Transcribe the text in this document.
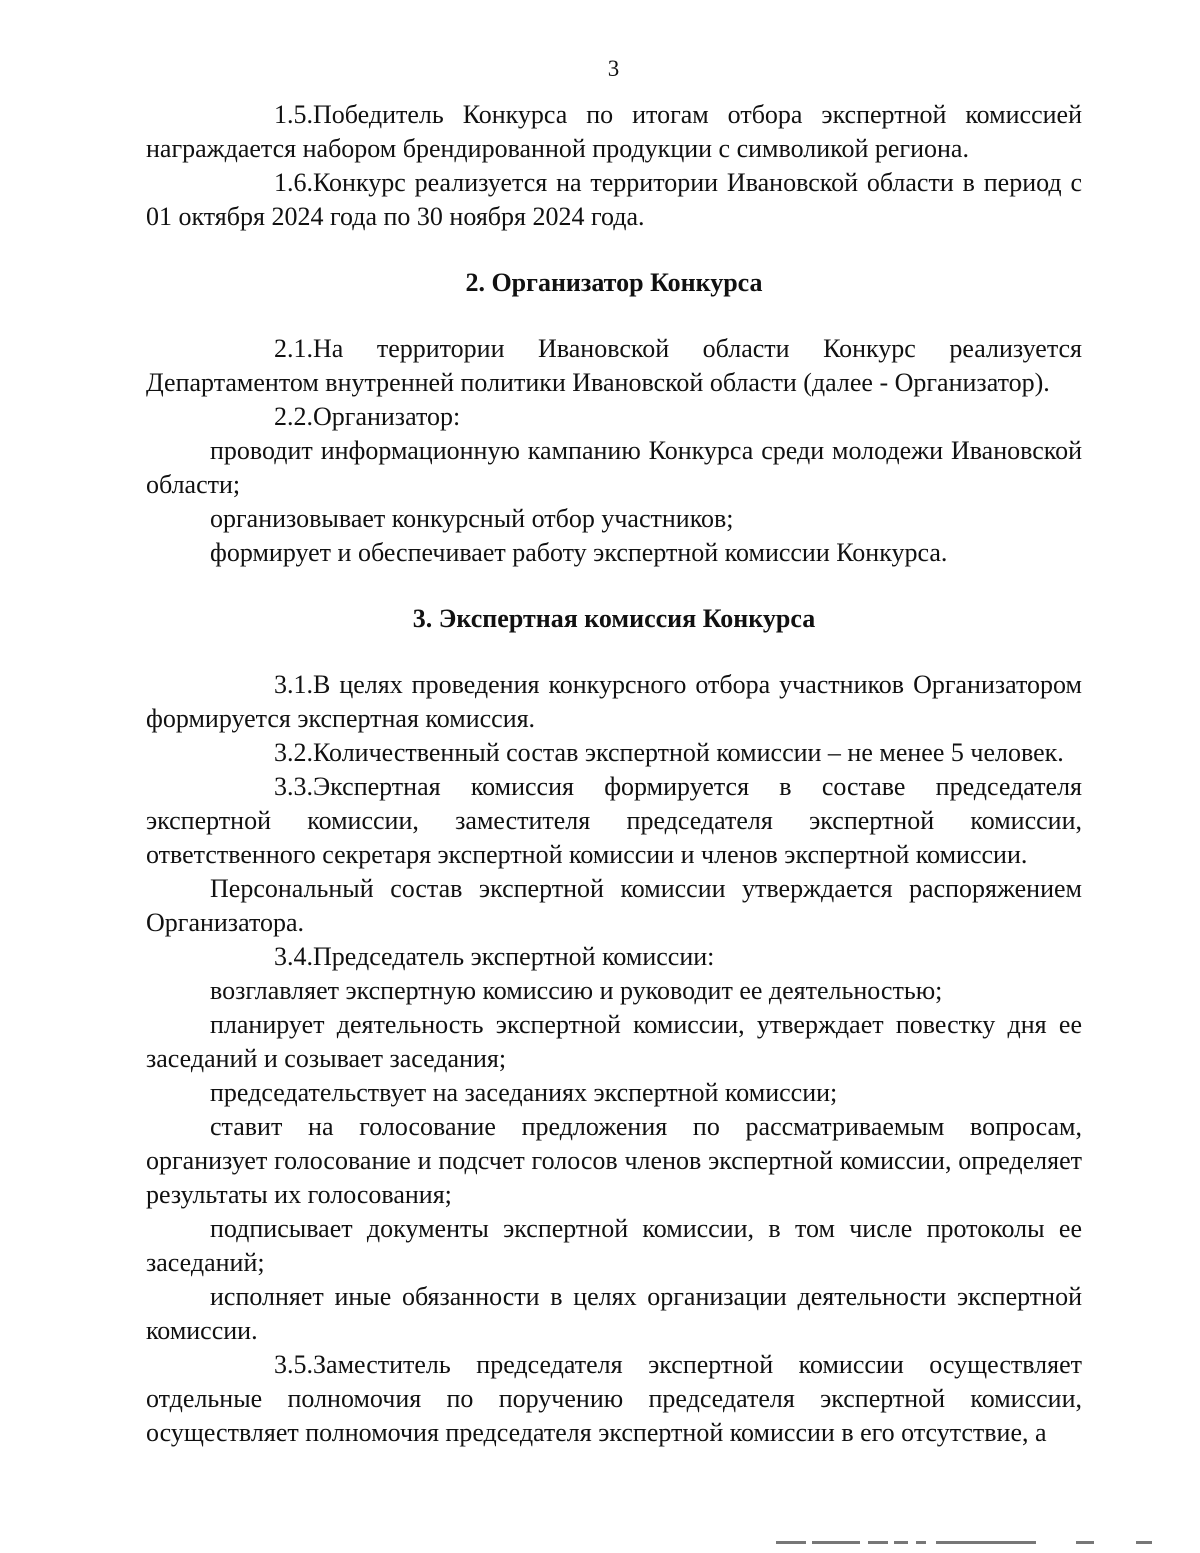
3

1.5.Победитель Конкурса по итогам отбора экспертной комиссией награждается набором брендированной продукции с символикой региона.

1.6.Конкурс реализуется на территории Ивановской области в период с 01 октября 2024 года по 30 ноября 2024 года.

2. Организатор Конкурса

2.1.На территории Ивановской области Конкурс реализуется Департаментом внутренней политики Ивановской области (далее - Организатор).

2.2.Организатор:

проводит информационную кампанию Конкурса среди молодежи Ивановской области;

организовывает конкурсный отбор участников;

формирует и обеспечивает работу экспертной комиссии Конкурса.

3. Экспертная комиссия Конкурса

3.1.В целях проведения конкурсного отбора участников Организатором формируется экспертная комиссия.

3.2.Количественный состав экспертной комиссии – не менее 5 человек.

3.3.Экспертная комиссия формируется в составе председателя экспертной комиссии, заместителя председателя экспертной комиссии, ответственного секретаря экспертной комиссии и членов экспертной комиссии.

Персональный состав экспертной комиссии утверждается распоряжением Организатора.

3.4.Председатель экспертной комиссии:

возглавляет экспертную комиссию и руководит ее деятельностью;

планирует деятельность экспертной комиссии, утверждает повестку дня ее заседаний и созывает заседания;

председательствует на заседаниях экспертной комиссии;

ставит на голосование предложения по рассматриваемым вопросам, организует голосование и подсчет голосов членов экспертной комиссии, определяет результаты их голосования;

подписывает документы экспертной комиссии, в том числе протоколы ее заседаний;

исполняет иные обязанности в целях организации деятельности экспертной комиссии.

3.5.Заместитель председателя экспертной комиссии осуществляет отдельные полномочия по поручению председателя экспертной комиссии, осуществляет полномочия председателя экспертной комиссии в его отсутствие, а
